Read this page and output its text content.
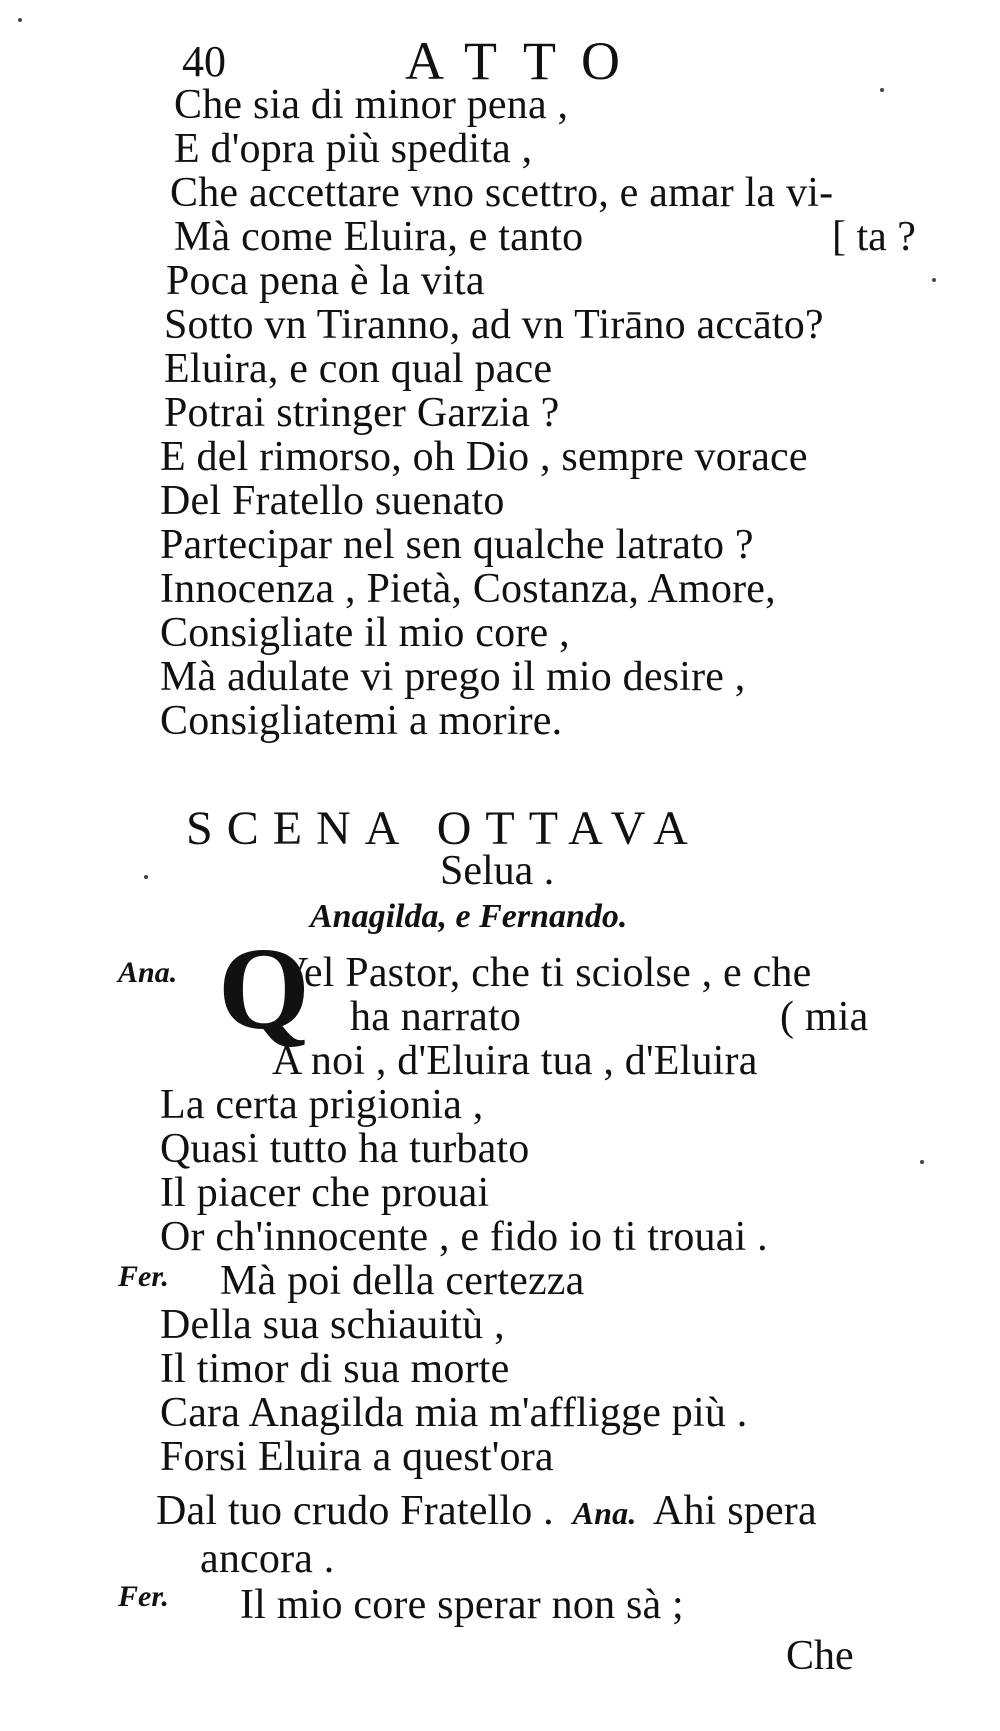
40	ATTO
Che sia di minor pena ,
E d'opra più spedita ,
Che accettare vno scettro, e amar la vi-
Mà come Eluira, e tanto	[ ta ?
Poca pena è la vita
Sotto vn Tiranno, ad vn Tirāno accāto?
Eluira, e con qual pace
Potrai stringer Garzia ?
E del rimorso, oh Dio , sempre vorace
Del Fratello suenato
Partecipar nel sen qualche latrato ?
Innocenza , Pietà, Costanza, Amore,
Consigliate il mio core ,
Mà adulate vi prego il mio desire ,
Consigliatemi a morire.
SCENA OTTAVA
Selua .
Anagilda, e Fernando.
Ana. Q
Vel Pastor, che ti sciolse , e che
ha narrato	( mia
A noi , d'Eluira tua , d'Eluira
La certa prigionia ,
Quasi tutto ha turbato
Il piacer che prouai
Or ch'innocente , e fido io ti trouai .
Fer. Mà poi della certezza
Della sua schiauitù ,
Il timor di sua morte
Cara Anagilda mia m'affligge più .
Forsi Eluira a quest'ora
Dal tuo crudo Fratello . Ana. Ahi spera
ancora .
Fer. Il mio core sperar non sà ;
Che
